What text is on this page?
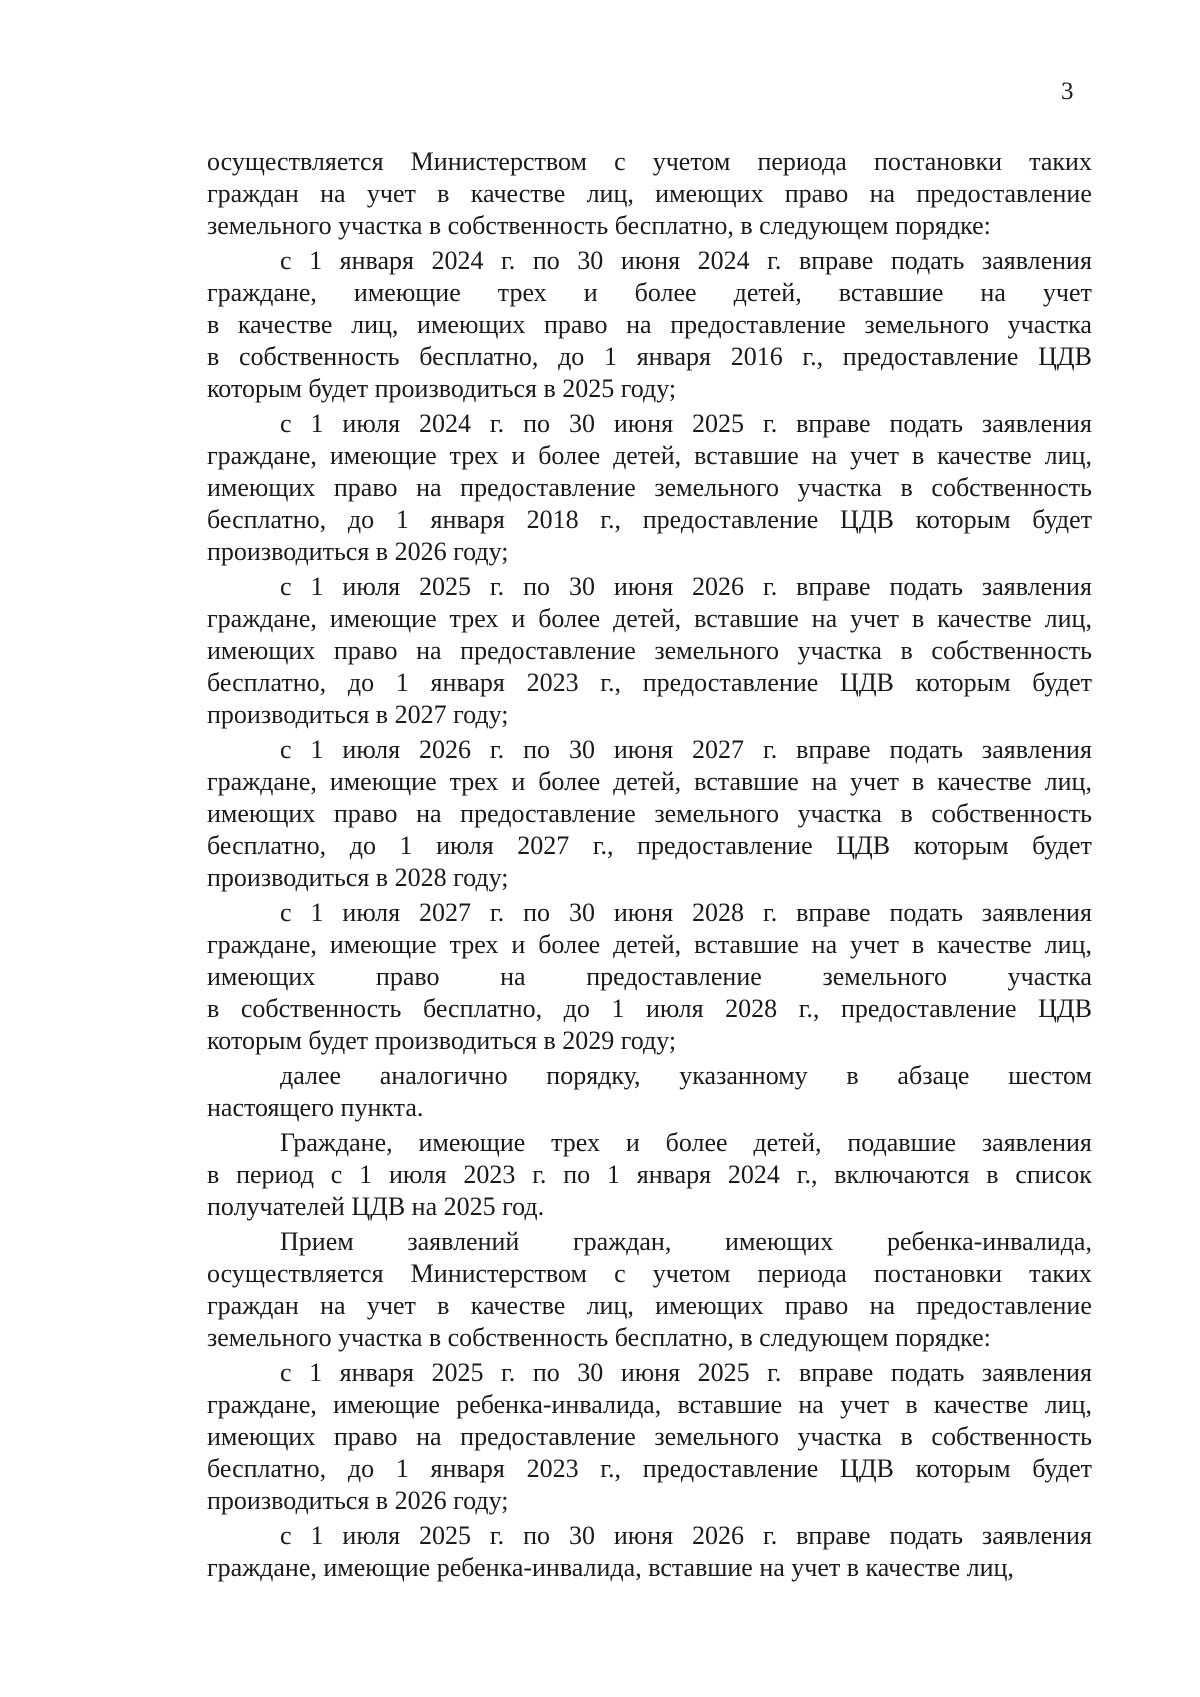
3
осуществляется Министерством с учетом периода постановки таких
граждан на учет в качестве лиц, имеющих право на предоставление
земельного участка в собственность бесплатно, в следующем порядке:
с 1 января 2024 г. по 30 июня 2024 г. вправе подать заявления
граждане, имеющие трех и более детей, вставшие на учет
в качестве лиц, имеющих право на предоставление земельного участка
в собственность бесплатно, до 1 января 2016 г., предоставление ЦДВ
которым будет производиться в 2025 году;
с 1 июля 2024 г. по 30 июня 2025 г. вправе подать заявления
граждане, имеющие трех и более детей, вставшие на учет в качестве лиц,
имеющих право на предоставление земельного участка в собственность
бесплатно, до 1 января 2018 г., предоставление ЦДВ которым будет
производиться в 2026 году;
с 1 июля 2025 г. по 30 июня 2026 г. вправе подать заявления
граждане, имеющие трех и более детей, вставшие на учет в качестве лиц,
имеющих право на предоставление земельного участка в собственность
бесплатно, до 1 января 2023 г., предоставление ЦДВ которым будет
производиться в 2027 году;
с 1 июля 2026 г. по 30 июня 2027 г. вправе подать заявления
граждане, имеющие трех и более детей, вставшие на учет в качестве лиц,
имеющих право на предоставление земельного участка в собственность
бесплатно, до 1 июля 2027 г., предоставление ЦДВ которым будет
производиться в 2028 году;
с 1 июля 2027 г. по 30 июня 2028 г. вправе подать заявления
граждане, имеющие трех и более детей, вставшие на учет в качестве лиц,
имеющих право на предоставление земельного участка
в собственность бесплатно, до 1 июля 2028 г., предоставление ЦДВ
которым будет производиться в 2029 году;
далее аналогично порядку, указанному в абзаце шестом
настоящего пункта.
Граждане, имеющие трех и более детей, подавшие заявления
в период с 1 июля 2023 г. по 1 января 2024 г., включаются в список
получателей ЦДВ на 2025 год.
Прием заявлений граждан, имеющих ребенка-инвалида,
осуществляется Министерством с учетом периода постановки таких
граждан на учет в качестве лиц, имеющих право на предоставление
земельного участка в собственность бесплатно, в следующем порядке:
с 1 января 2025 г. по 30 июня 2025 г. вправе подать заявления
граждане, имеющие ребенка-инвалида, вставшие на учет в качестве лиц,
имеющих право на предоставление земельного участка в собственность
бесплатно, до 1 января 2023 г., предоставление ЦДВ которым будет
производиться в 2026 году;
с 1 июля 2025 г. по 30 июня 2026 г. вправе подать заявления
граждане, имеющие ребенка-инвалида, вставшие на учет в качестве лиц,
